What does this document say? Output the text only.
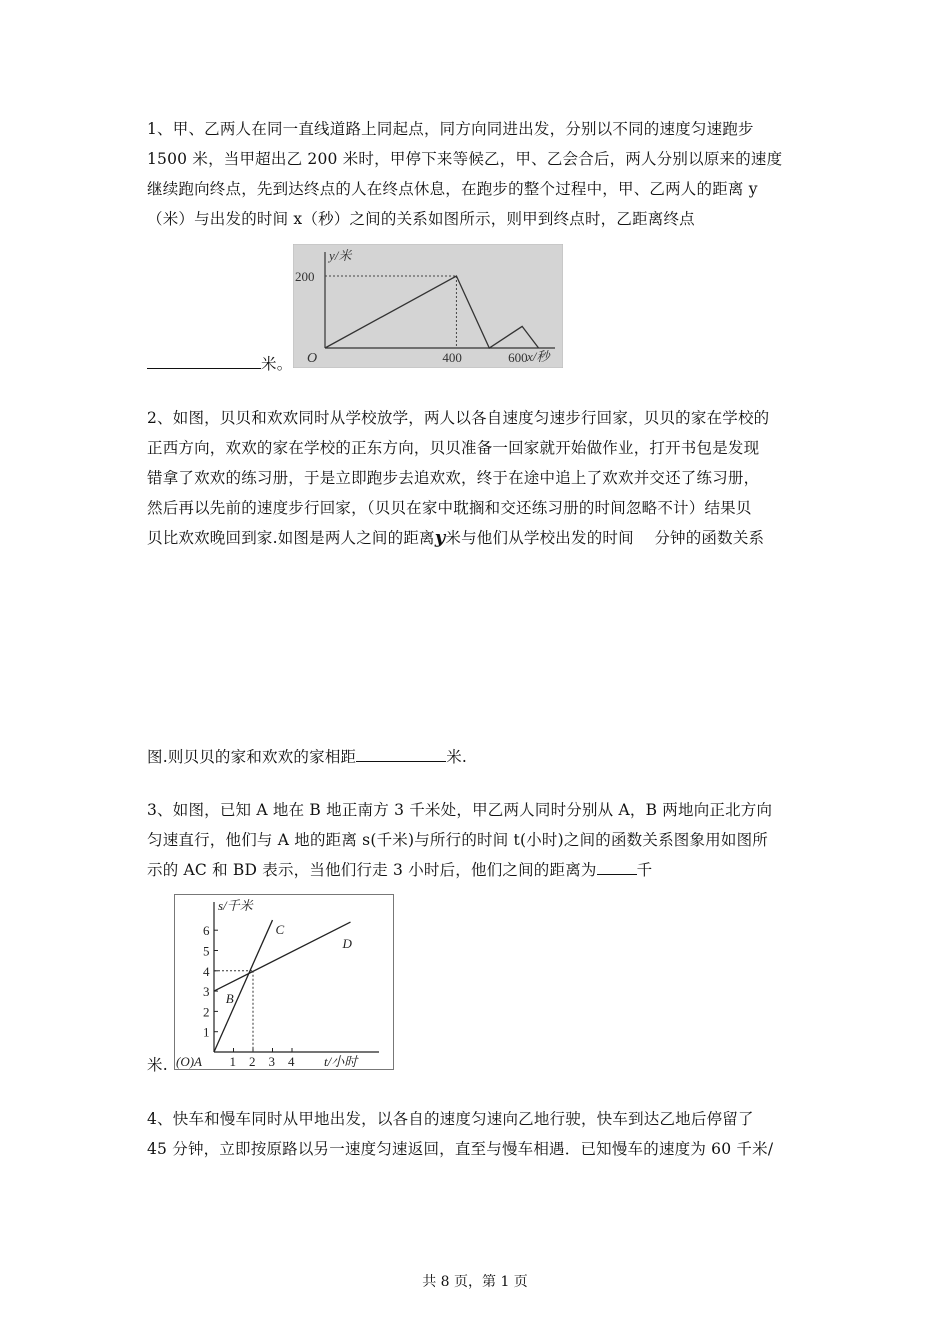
1、甲、乙两人在同一直线道路上同起点，同方向同进出发，分别以不同的速度匀速跑步
1500 米，当甲超出乙 200 米时，甲停下来等候乙，甲、乙会合后，两人分别以原来的速度
继续跑向终点，先到达终点的人在终点休息，在跑步的整个过程中，甲、乙两人的距离 y
（米）与出发的时间 x（秒）之间的关系如图所示，则甲到终点时，乙距离终点
y/米
x/秒
O
200
400	600
米。
2、如图，贝贝和欢欢同时从学校放学，两人以各自速度匀速步行回家，贝贝的家在学校的
正西方向，欢欢的家在学校的正东方向，贝贝准备一回家就开始做作业，打开书包是发现
错拿了欢欢的练习册，于是立即跑步去追欢欢，终于在途中追上了欢欢并交还了练习册，
然后再以先前的速度步行回家，（贝贝在家中耽搁和交还练习册的时间忽略不计）结果贝
贝比欢欢晚回到家.如图是两人之间的距离y米与他们从学校出发的时间    分钟的函数关系
图.则贝贝的家和欢欢的家相距	米.
3、如图，已知 A 地在 B 地正南方 3 千米处，甲乙两人同时分别从 A，B 两地向正北方向
匀速直行，他们与 A 地的距离 s(千米)与所行的时间 t(小时)之间的函数关系图象用如图所
示的 AC 和 BD 表示，当他们行走 3 小时后，他们之间的距离为	千
s/千米
t/小时
(O)A
1
2
3
4
5
6
1 2 3 4
C
D
B
米.
4、快车和慢车同时从甲地出发，以各自的速度匀速向乙地行驶，快车到达乙地后停留了
45 分钟，立即按原路以另一速度匀速返回，直至与慢车相遇．已知慢车的速度为 60 千米/
共 8 页，第 1 页
